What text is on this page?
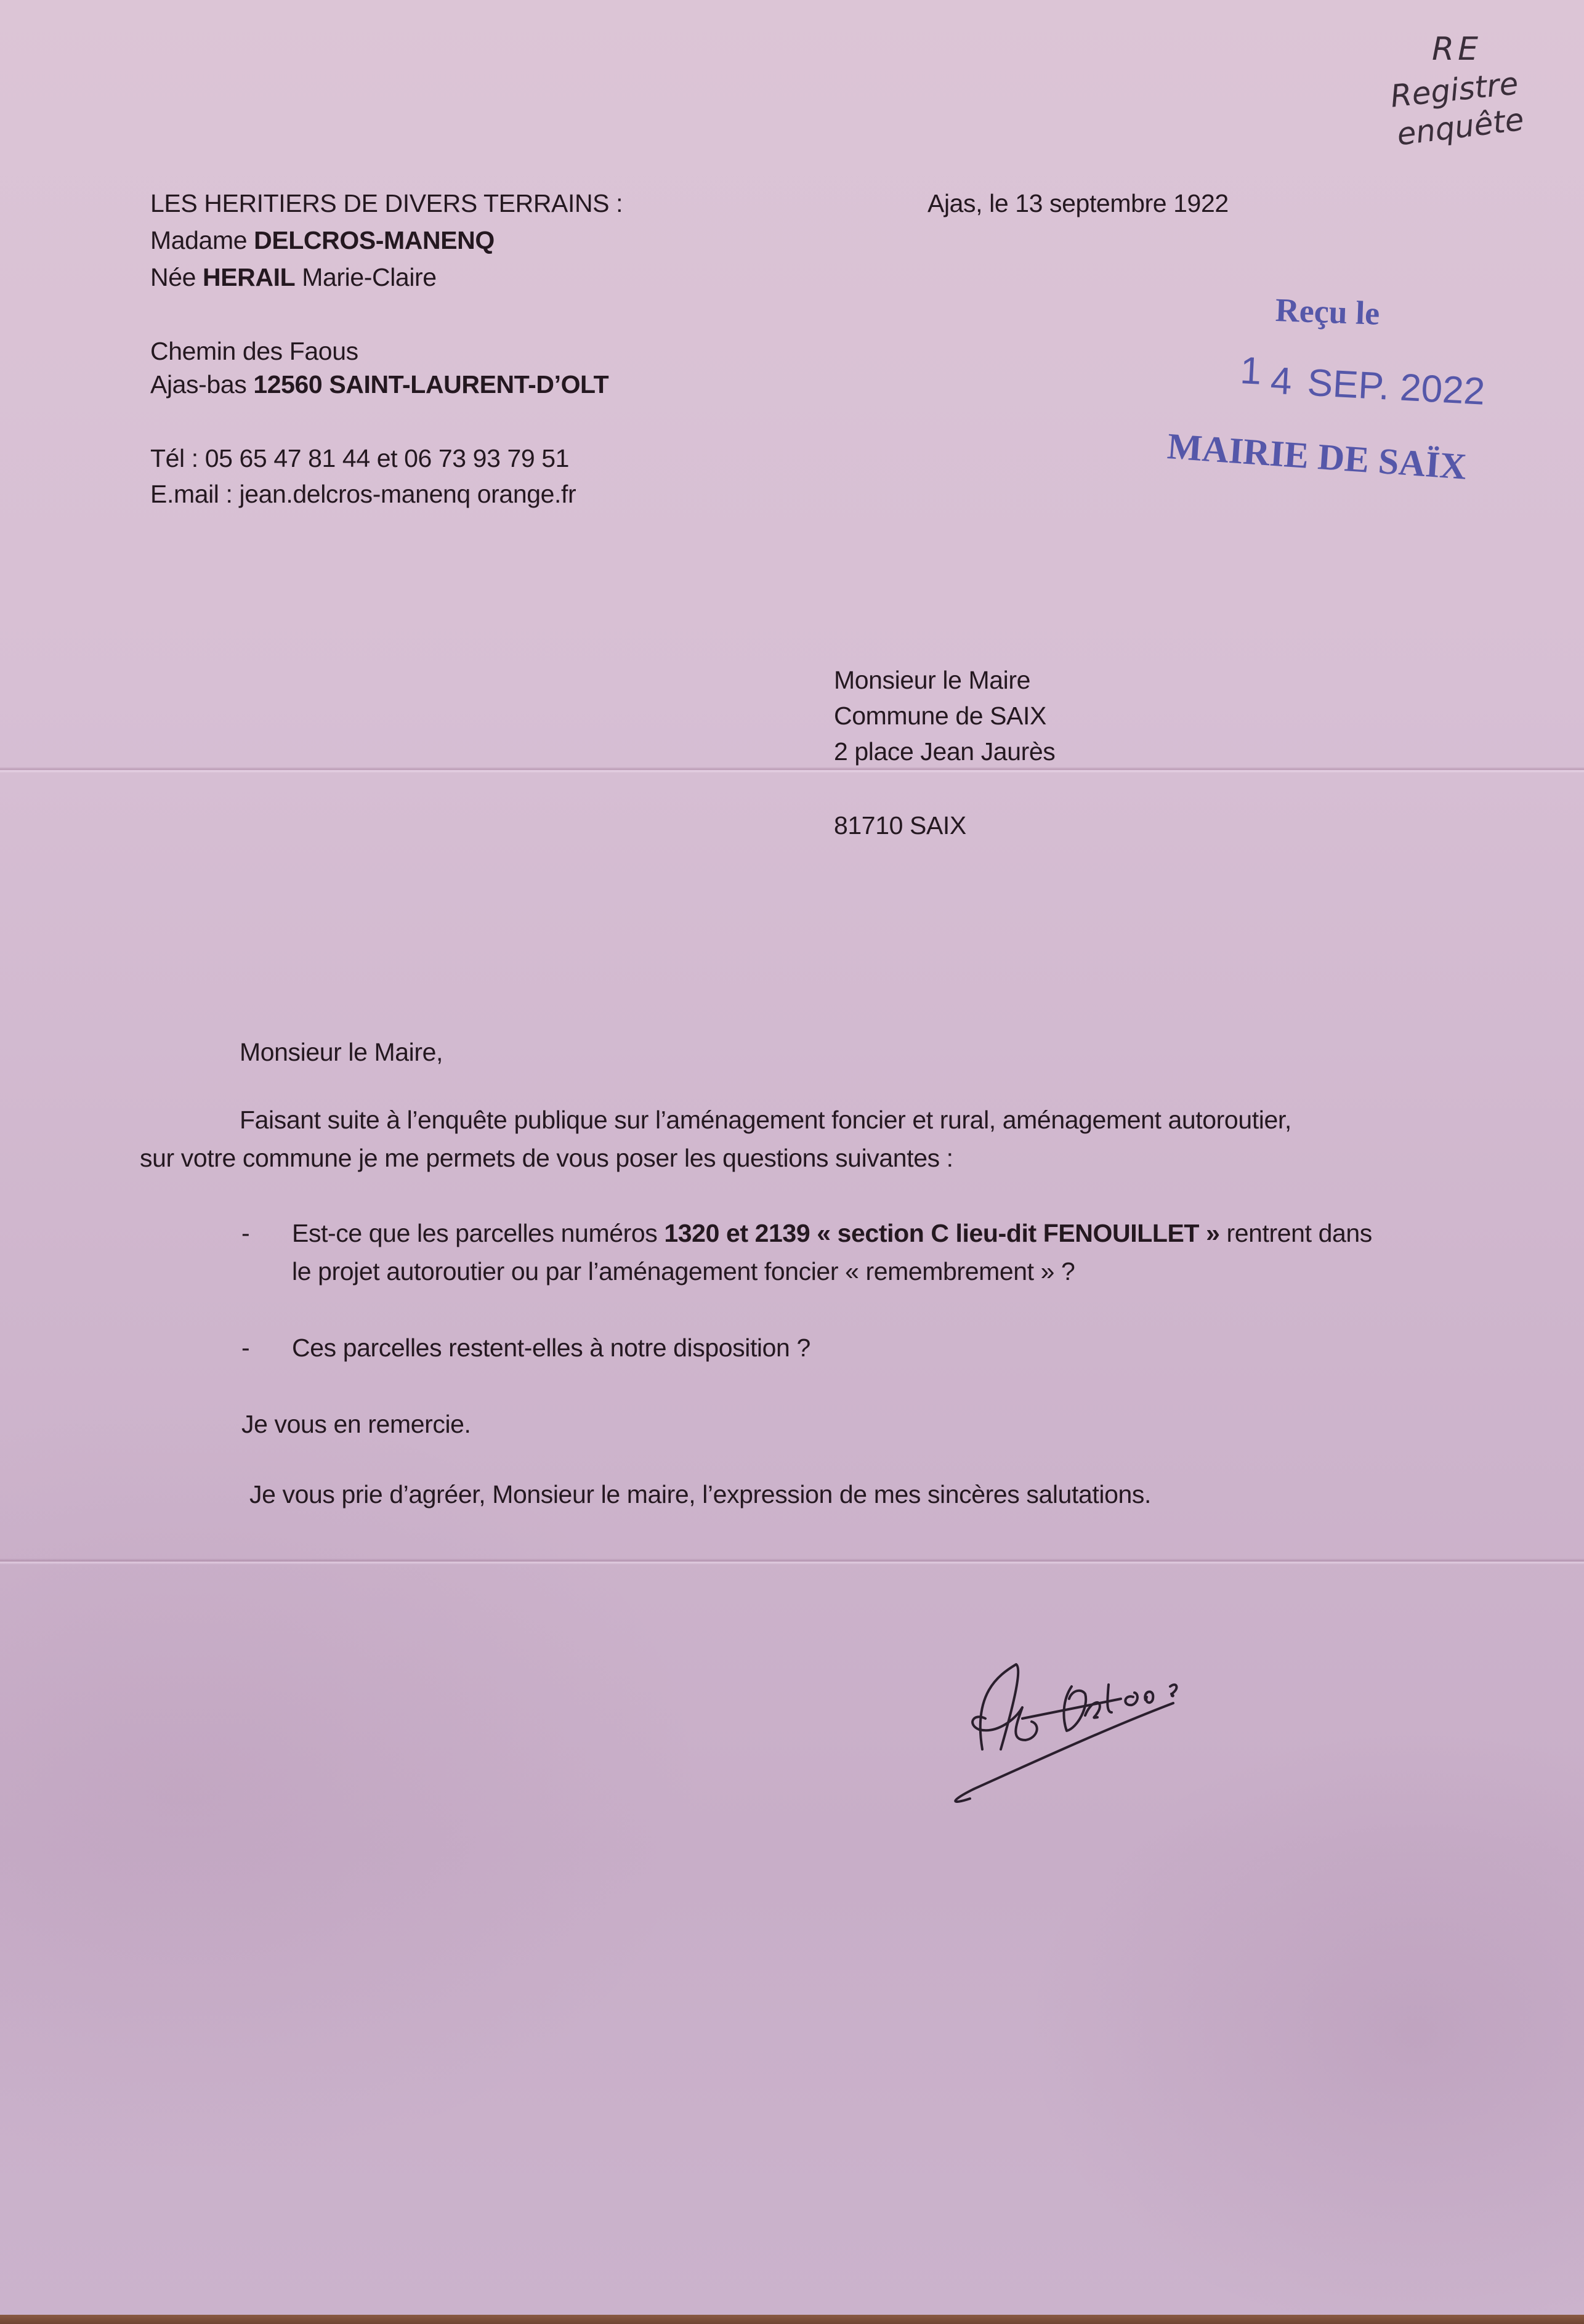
RE
Registre
enquête
LES HERITIERS DE DIVERS TERRAINS :
Madame DELCROS-MANENQ
Née HERAIL Marie-Claire
Chemin des Faous
Ajas-bas 12560 SAINT-LAURENT-D’OLT
Tél : 05 65 47 81 44 et 06 73 93 79 51
E.mail : jean.delcros-manenq orange.fr
Ajas, le 13 septembre 1922
Reçu le
1 4 SEP. 2022
MAIRIE DE SAÏX
Monsieur le Maire
Commune de SAIX
2 place Jean Jaurès
81710 SAIX
Monsieur le Maire,
Faisant suite à l’enquête publique sur l’aménagement foncier et rural, aménagement autoroutier,
sur votre commune je me permets de vous poser les questions suivantes :
- Est-ce que les parcelles numéros 1320 et 2139 « section C lieu-dit FENOUILLET » rentrent dans
le projet autoroutier ou par l’aménagement foncier « remembrement » ?
- Ces parcelles restent-elles à notre disposition ?
Je vous en remercie.
Je vous prie d’agréer, Monsieur le maire, l’expression de mes sincères salutations.
